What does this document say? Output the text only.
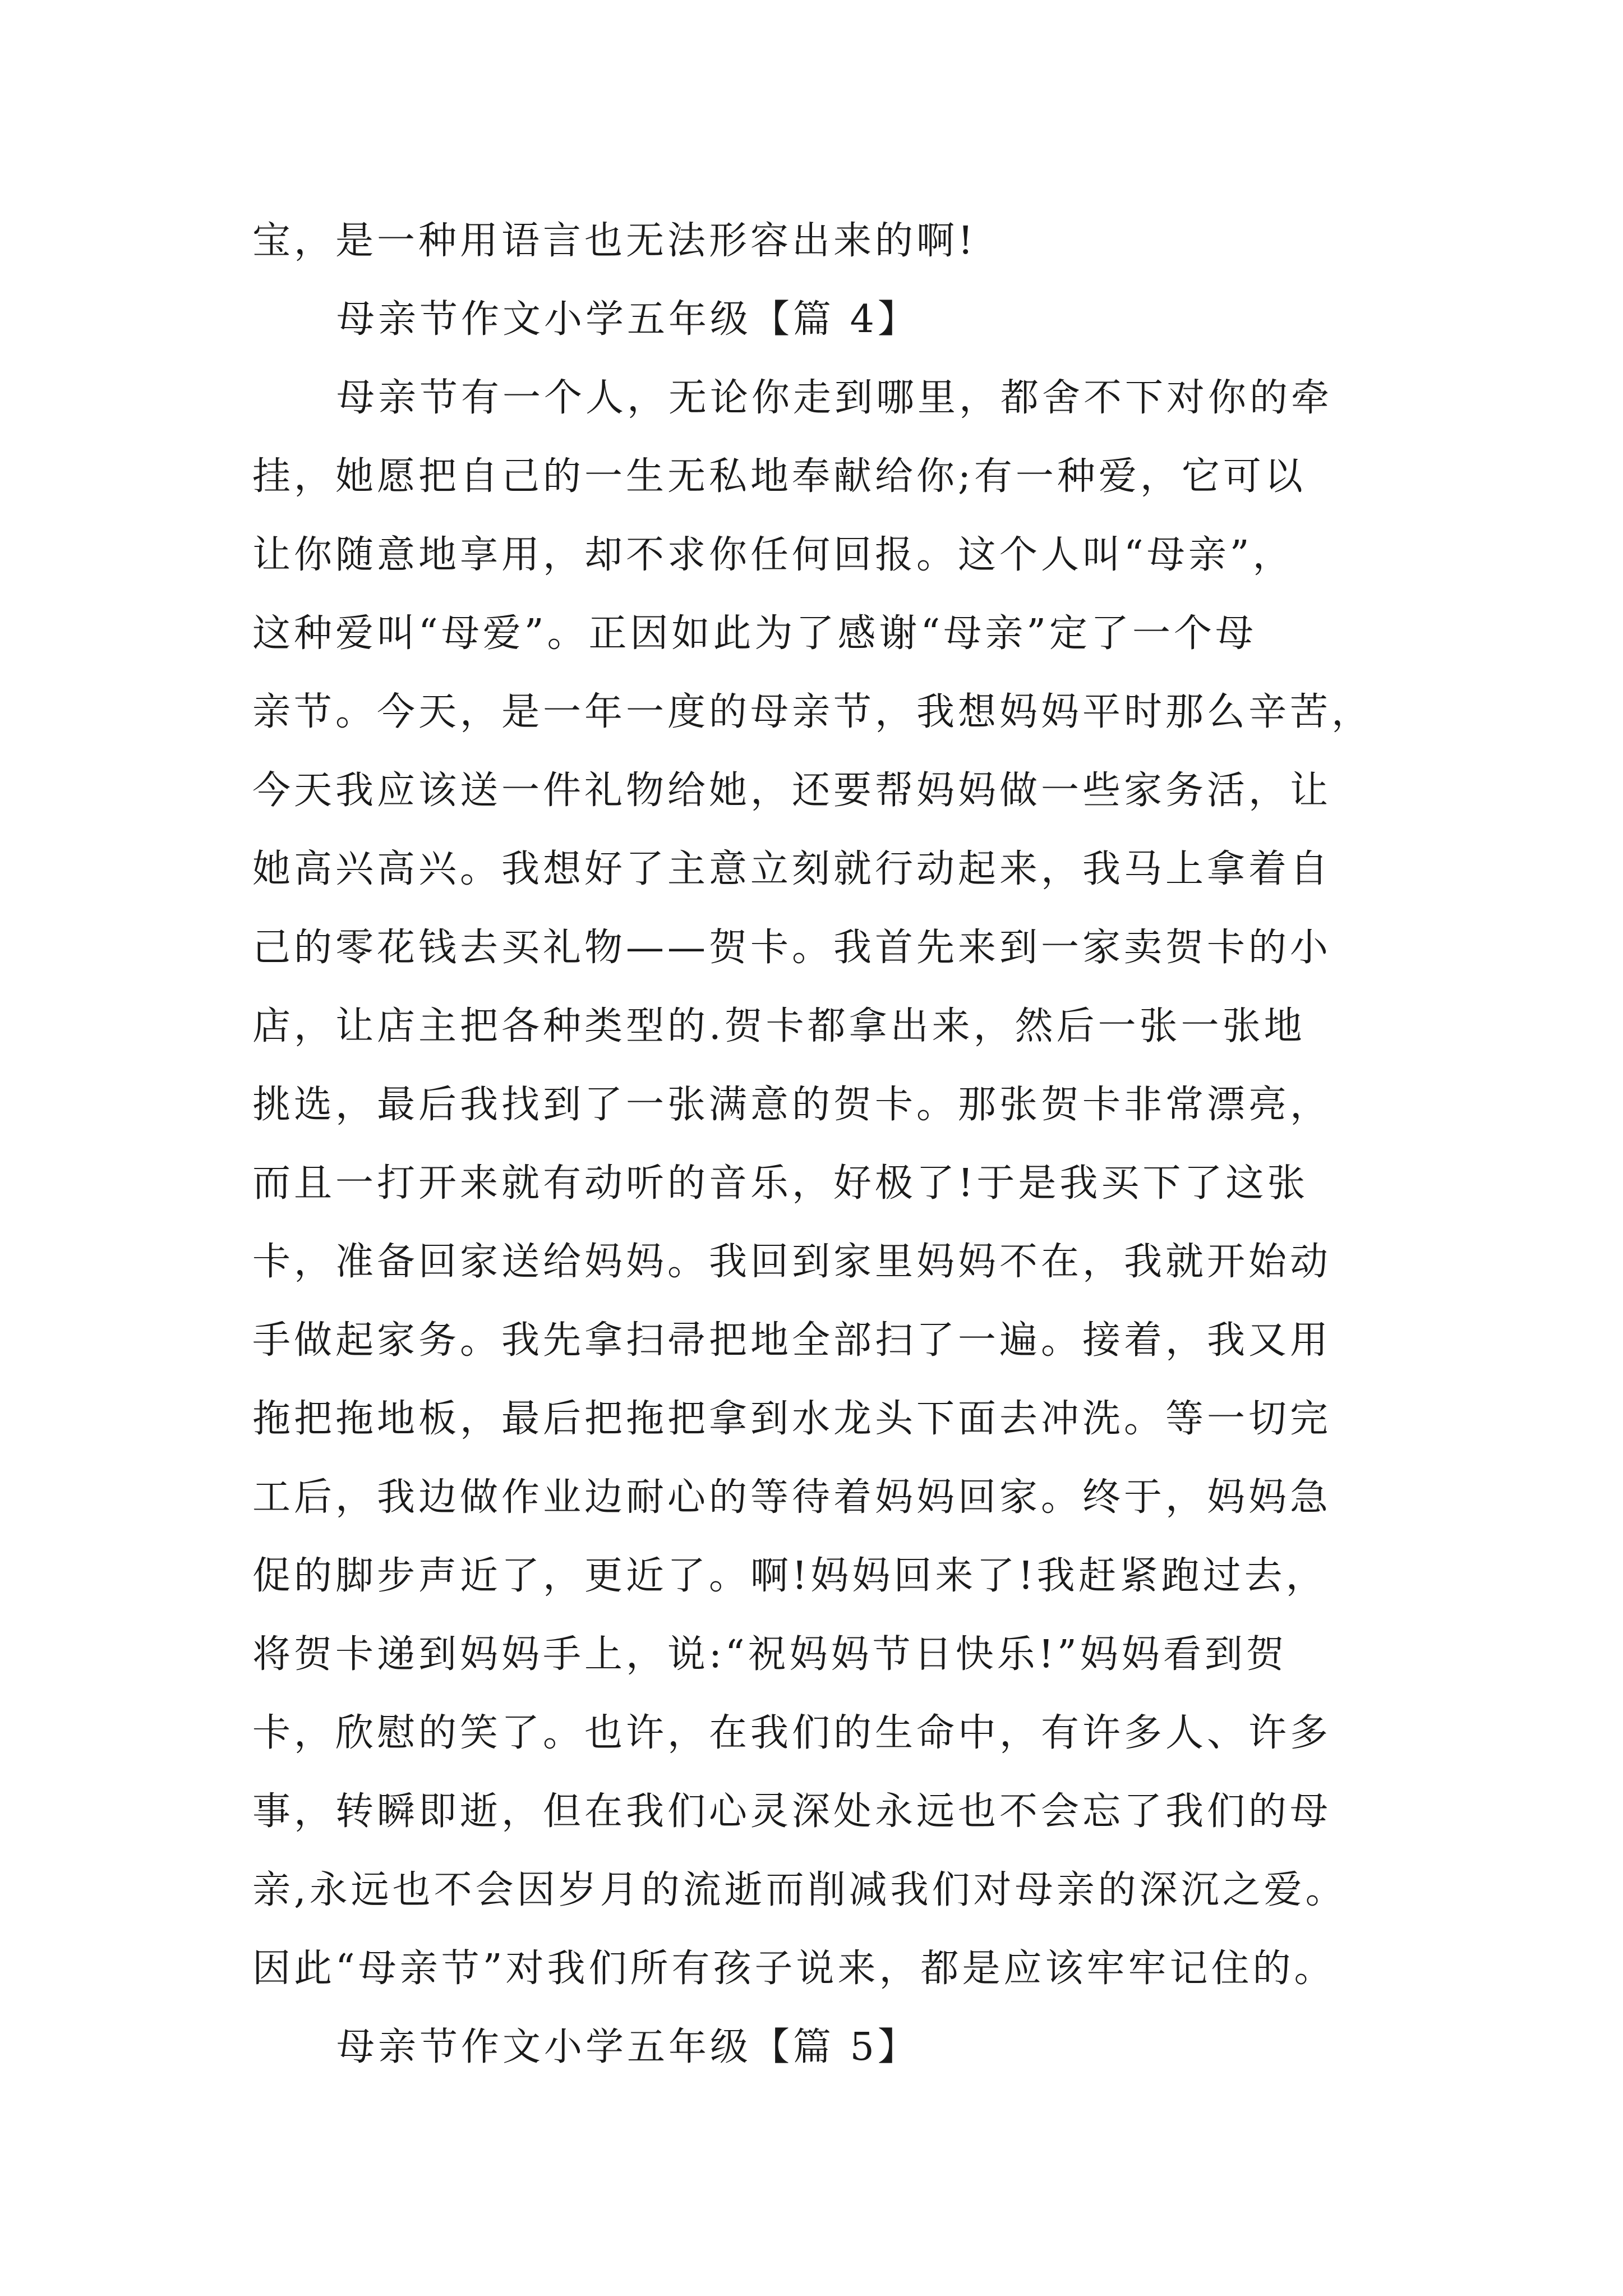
宝，是一种用语言也无法形容出来的啊!
母亲节作文小学五年级【篇 4】
母亲节有一个人，无论你走到哪里，都舍不下对你的牵
挂，她愿把自己的一生无私地奉献给你;有一种爱，它可以
让你随意地享用，却不求你任何回报。这个人叫“母亲”，
这种爱叫“母爱”。正因如此为了感谢“母亲”定了一个母
亲节。今天，是一年一度的母亲节，我想妈妈平时那么辛苦，
今天我应该送一件礼物给她，还要帮妈妈做一些家务活，让
她高兴高兴。我想好了主意立刻就行动起来，我马上拿着自
己的零花钱去买礼物——贺卡。我首先来到一家卖贺卡的小
店，让店主把各种类型的.贺卡都拿出来，然后一张一张地
挑选，最后我找到了一张满意的贺卡。那张贺卡非常漂亮，
而且一打开来就有动听的音乐，好极了!于是我买下了这张
卡，准备回家送给妈妈。我回到家里妈妈不在，我就开始动
手做起家务。我先拿扫帚把地全部扫了一遍。接着，我又用
拖把拖地板，最后把拖把拿到水龙头下面去冲洗。等一切完
工后，我边做作业边耐心的等待着妈妈回家。终于，妈妈急
促的脚步声近了，更近了。啊!妈妈回来了!我赶紧跑过去，
将贺卡递到妈妈手上，说:“祝妈妈节日快乐!”妈妈看到贺
卡，欣慰的笑了。也许，在我们的生命中，有许多人、许多
事，转瞬即逝，但在我们心灵深处永远也不会忘了我们的母
亲,永远也不会因岁月的流逝而削减我们对母亲的深沉之爱。
因此“母亲节”对我们所有孩子说来，都是应该牢牢记住的。
母亲节作文小学五年级【篇 5】
